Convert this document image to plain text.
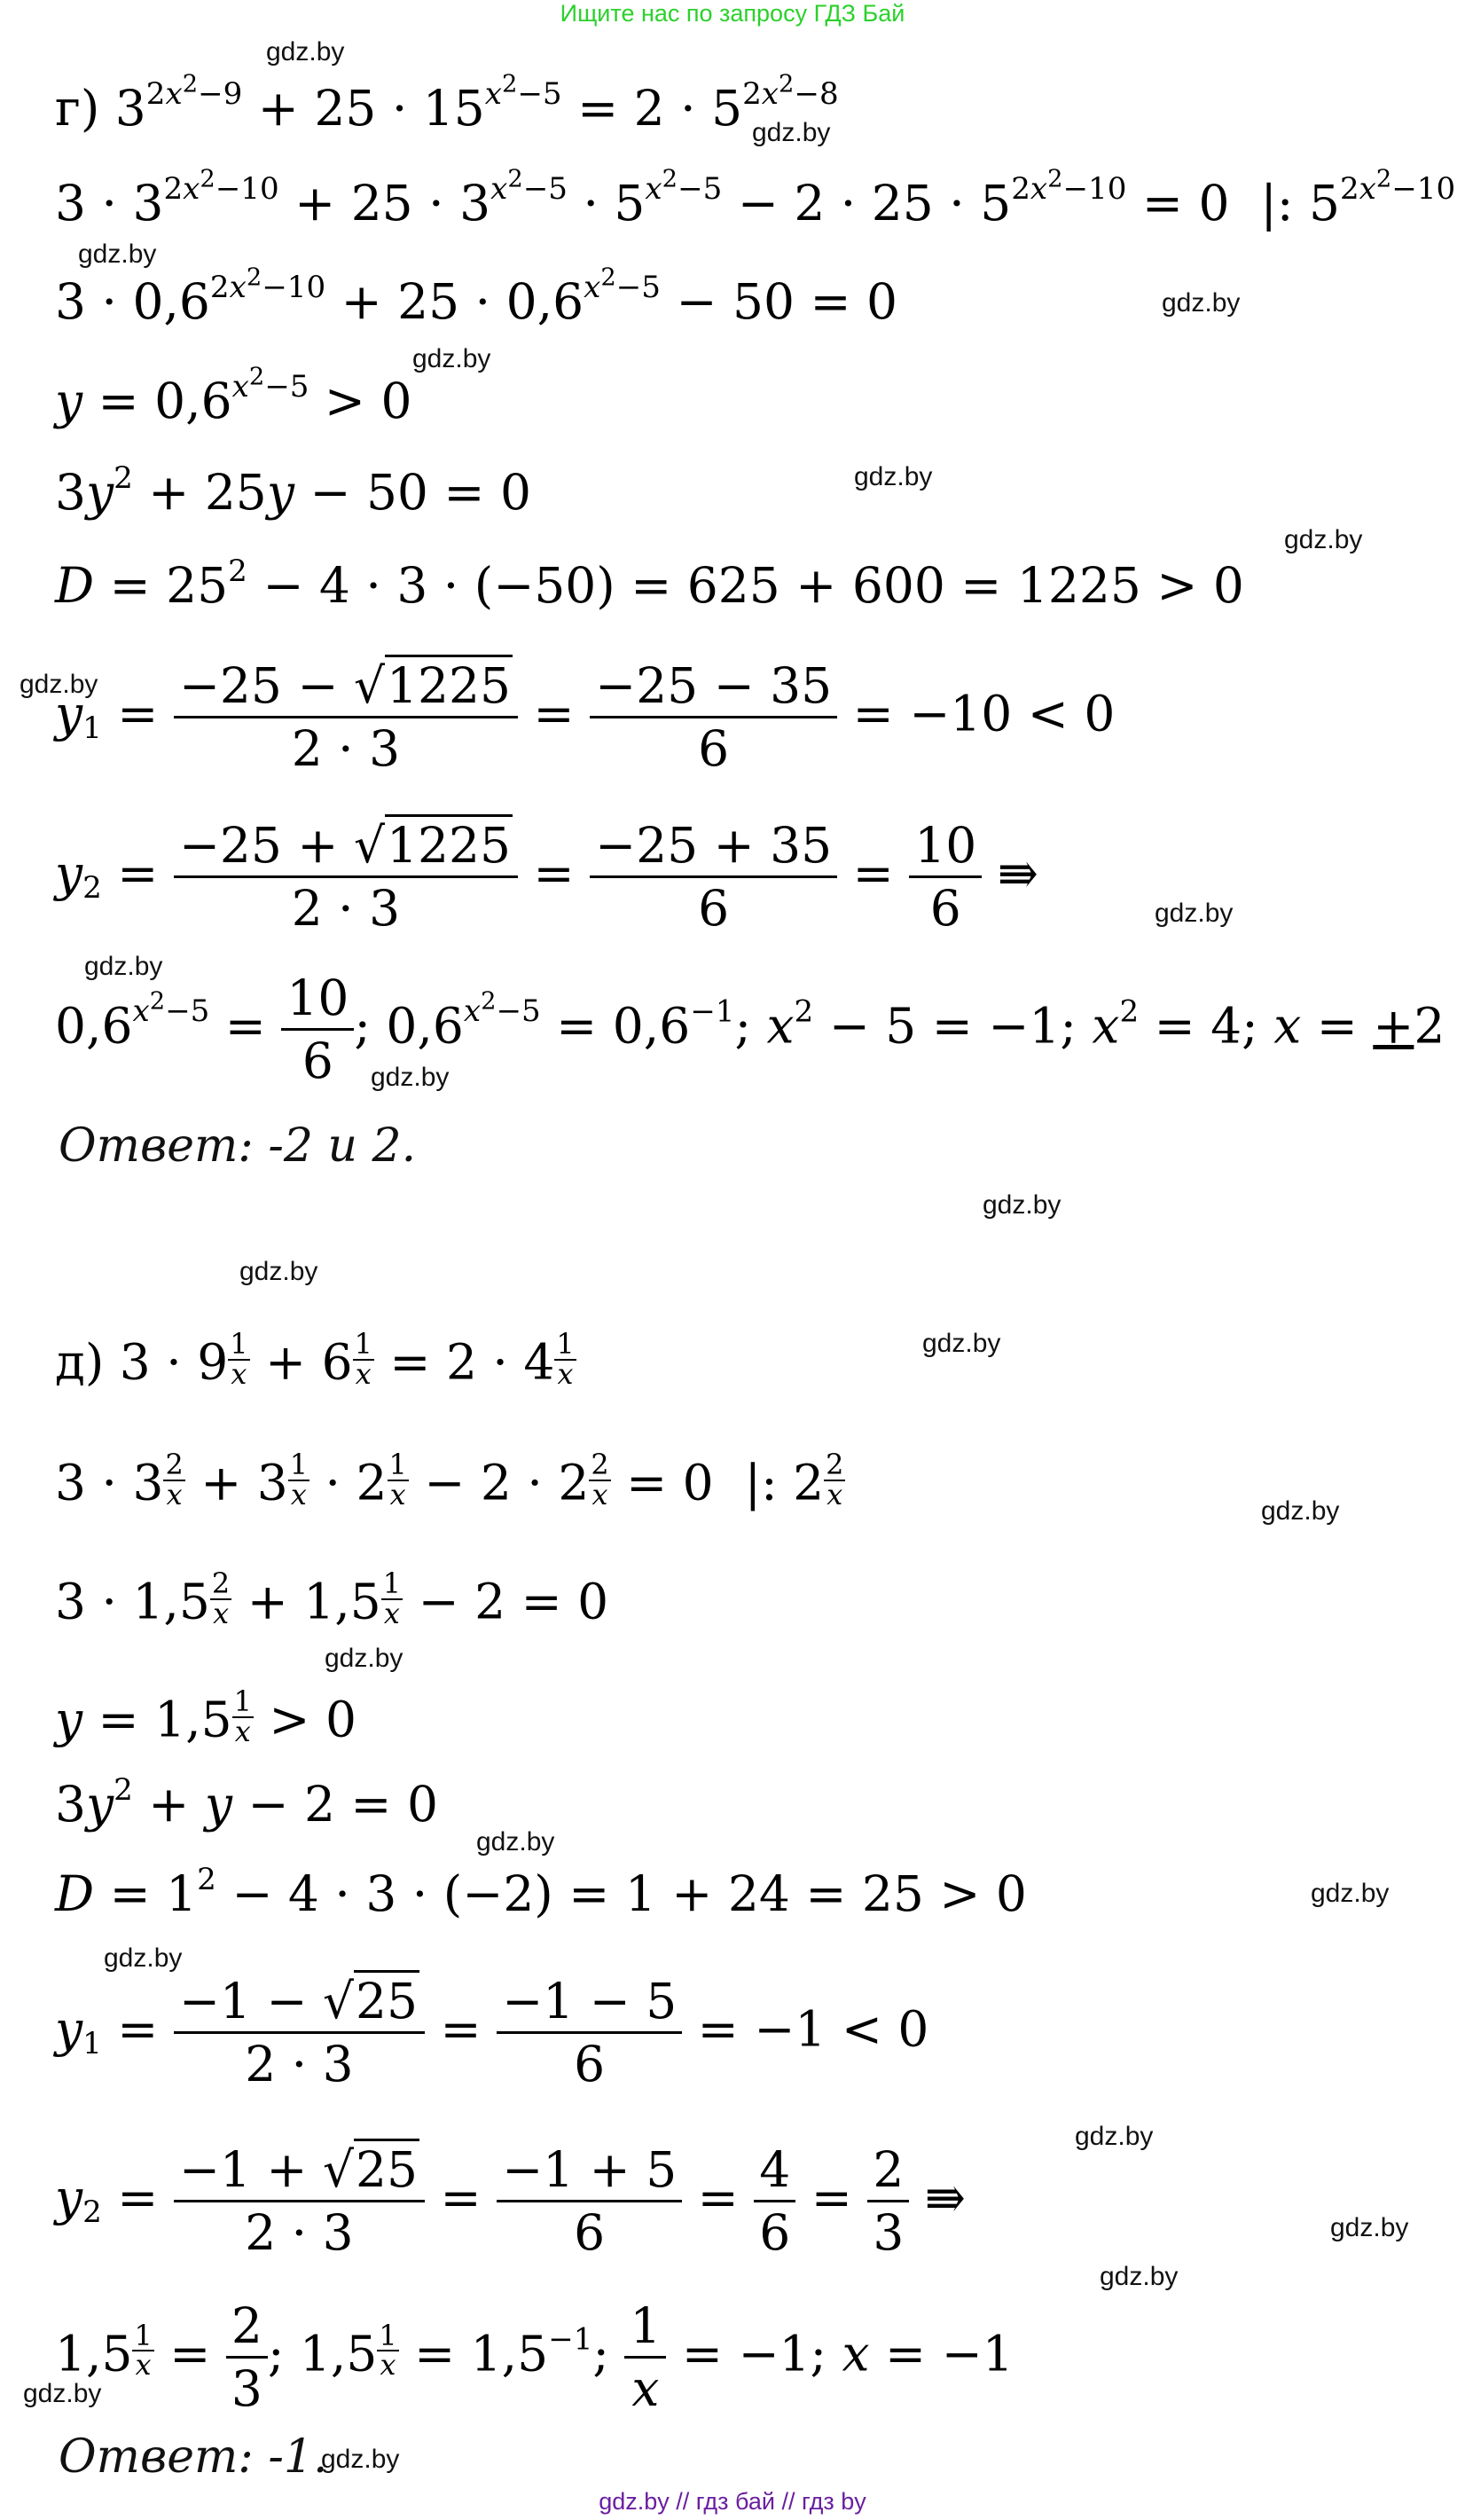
Ищите нас по запросу ГДЗ Бай
gdz.by
gdz.by
gdz.by
gdz.by
gdz.by
gdz.by
gdz.by
gdz.by
gdz.by
gdz.by
gdz.by
gdz.by
gdz.by
gdz.by
gdz.by
gdz.by
gdz.by
gdz.by
gdz.by
gdz.by
gdz.by
gdz.by
gdz.by
gdz.by
г) $3^{2x^2-9} + 25 \cdot 15^{x^2-5} = 2 \cdot 5^{2x^2-8}$
$3 \cdot 3^{2x^2-10} + 25 \cdot 3^{x^2-5} \cdot 5^{x^2-5} - 2 \cdot 25 \cdot 5^{2x^2-10} = 0$  |: $5^{2x^2-10}$
$3 \cdot 0,6^{2x^2-10} + 25 \cdot 0,6^{x^2-5} - 50 = 0$
$y = 0,6^{x^2-5} > 0$
$3y^2 + 25y - 50 = 0$
$D = 25^2 - 4 \cdot 3 \cdot (-50) = 625 + 600 = 1225 > 0$
$y_1 = \frac{-25 - √1225}{2 \cdot 3} = \frac{-25 - 35}{6} = -10 < 0$
$y_2 = \frac{-25 + √1225}{2 \cdot 3} = \frac{-25 + 35}{6} = \frac{10}{6}$ ⇛
$0,6^{x^2-5} = \frac{10}{6}$ ; $0,6^{x^2-5} = 0,6^{-1}$; $x^2 - 5 = -1$; $x^2 = 4$; x = +2
Ответ: -2 и 2.
д) $3 \cdot 9 \frac{1}{x} + 6 \frac{1}{x} = 2 \cdot 4 \frac{1}{x}$
$3 \cdot 3 \frac{2}{x} + 3 \frac{1}{x} \cdot 2 \frac{1}{x} - 2 \cdot 2 \frac{2}{x} = 0$  |: $2 \frac{2}{x}$
$3 \cdot 1,5 \frac{2}{x} + 1,5 \frac{1}{x} - 2 = 0$
$y = 1,5 \frac{1}{x} > 0$
$3y^2 + y - 2 = 0$
$D = 1^2 - 4 \cdot 3 \cdot (-2) = 1 + 24 = 25 > 0$
$y_1 = \frac{-1 - √25}{2 \cdot 3} = \frac{-1 - 5}{6} = -1 < 0$
$y_2 = \frac{-1 + √25}{2 \cdot 3} = \frac{-1 + 5}{6} = \frac{4}{6} = \frac{2}{3}$ ⇛
$1,5 \frac{1}{x} = \frac{2}{3}$ ; $1,5 \frac{1}{x} = 1,5^{-1}$; $\frac{1}{x} = -1$; x = −1
Ответ: -1.
gdz.by // гдз бай // гдз by
